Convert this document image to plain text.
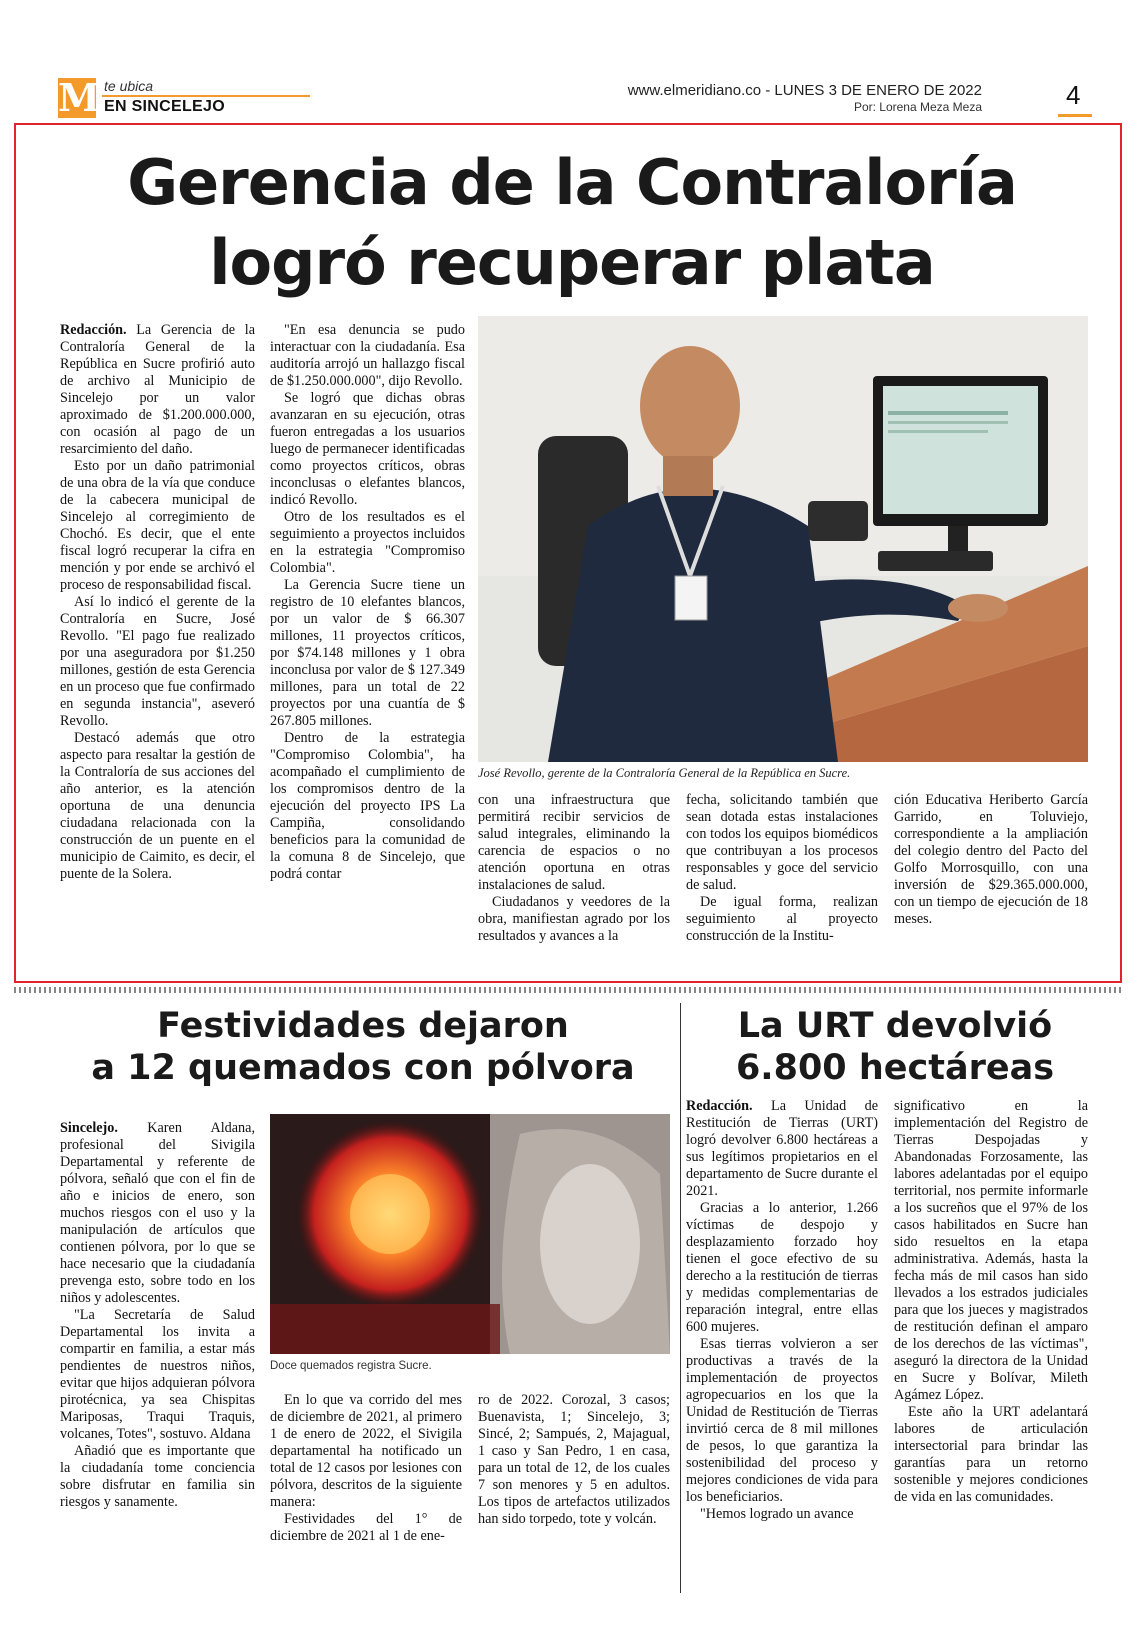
M te ubica
EN SINCELEJO
www.elmeridiano.co - LUNES 3 DE ENERO DE 2022
Por: Lorena Meza Meza	4
Gerencia de la Contraloría
logró recuperar plata

Redacción. La Gerencia de la Contraloría General de la República en Sucre profirió auto de archivo al Municipio de Sincelejo por un valor aproximado de $1.200.000.000, con ocasión al pago de un resarcimiento del daño.

Esto por un daño patrimonial de una obra de la vía que conduce de la cabecera municipal de Sincelejo al corregimiento de Chochó. Es decir, que el ente fiscal logró recuperar la cifra en mención y por ende se archivó el proceso de responsabilidad fiscal.

Así lo indicó el gerente de la Contraloría en Sucre, José Revollo. "El pago fue realizado por una aseguradora por $1.250 millones, gestión de esta Gerencia en un proceso que fue confirmado en segunda instancia", aseveró Revollo.

Destacó además que otro aspecto para resaltar la gestión de la Contraloría de sus acciones del año anterior, es la atención oportuna de una denuncia ciudadana relacionada con la construcción de un puente en el municipio de Caimito, es decir, el puente de la Solera.

"En esa denuncia se pudo interactuar con la ciudadanía. Esa auditoría arrojó un hallazgo fiscal de $1.250.000.000", dijo Revollo.

Se logró que dichas obras avanzaran en su ejecución, otras fueron entregadas a los usuarios luego de permanecer identificadas como proyectos críticos, obras inconclusas o elefantes blancos, indicó Revollo.

Otro de los resultados es el seguimiento a proyectos incluidos en la estrategia "Compromiso Colombia".

La Gerencia Sucre tiene un registro de 10 elefantes blancos, por un valor de $ 66.307 millones, 11 proyectos críticos, por $74.148 millones y 1 obra inconclusa por valor de $ 127.349 millones, para un total de 22 proyectos por una cuantía de $ 267.805 millones.

Dentro de la estrategia "Compromiso Colombia", ha acompañado el cumplimiento de los compromisos dentro de la ejecución del proyecto IPS La Campiña, consolidando beneficios para la comunidad de la comuna 8 de Sincelejo, que podrá contar

José Revollo, gerente de la Contraloría General de la República en Sucre.

con una infraestructura que permitirá recibir servicios de salud integrales, eliminando la carencia de espacios o no atención oportuna en otras instalaciones de salud.

Ciudadanos y veedores de la obra, manifiestan agrado por los resultados y avances a la

fecha, solicitando también que sean dotada estas instalaciones con todos los equipos biomédicos que contribuyan a los procesos responsables y goce del servicio de salud.

De igual forma, realizan seguimiento al proyecto construcción de la Institu-

ción Educativa Heriberto García Garrido, en Toluviejo, correspondiente a la ampliación del colegio dentro del Pacto del Golfo Morrosquillo, con una inversión de $29.365.000.000, con un tiempo de ejecución de 18 meses.

Festividades dejaron
a 12 quemados con pólvora

Sincelejo. Karen Aldana, profesional del Sivigila Departamental y referente de pólvora, señaló que con el fin de año e inicios de enero, son muchos riesgos con el uso y la manipulación de artículos que contienen pólvora, por lo que se hace necesario que la ciudadanía prevenga esto, sobre todo en los niños y adolescentes.

"La Secretaría de Salud Departamental los invita a compartir en familia, a estar más pendientes de nuestros niños, evitar que hijos adquieran pólvora pirotécnica, ya sea Chispitas Mariposas, Traqui Traquis, volcanes, Totes", sostuvo. Aldana

Añadió que es importante que la ciudadanía tome conciencia sobre disfrutar en familia sin riesgos y sanamente.

Doce quemados registra Sucre.

En lo que va corrido del mes de diciembre de 2021, al primero 1 de enero de 2022, el Sivigila departamental ha notificado un total de 12 casos por lesiones con pólvora, descritos de la siguiente manera:

Festividades del 1° de diciembre de 2021 al 1 de ene-

ro de 2022. Corozal, 3 casos; Buenavista, 1; Sincelejo, 3; Sincé, 2; Sampués, 2, Majagual, 1 caso y San Pedro, 1 en casa, para un total de 12, de los cuales 7 son menores y 5 en adultos. Los tipos de artefactos utilizados han sido torpedo, tote y volcán.

La URT devolvió
6.800 hectáreas

Redacción. La Unidad de Restitución de Tierras (URT) logró devolver 6.800 hectáreas a sus legítimos propietarios en el departamento de Sucre durante el 2021.

Gracias a lo anterior, 1.266 víctimas de despojo y desplazamiento forzado hoy tienen el goce efectivo de su derecho a la restitución de tierras y medidas complementarias de reparación integral, entre ellas 600 mujeres.

Esas tierras volvieron a ser productivas a través de la implementación de proyectos agropecuarios en los que la Unidad de Restitución de Tierras invirtió cerca de 8 mil millones de pesos, lo que garantiza la sostenibilidad del proceso y mejores condiciones de vida para los beneficiarios.

"Hemos logrado un avance

significativo en la implementación del Registro de Tierras Despojadas y Abandonadas Forzosamente, las labores adelantadas por el equipo territorial, nos permite informarle a los sucreños que el 97% de los casos habilitados en Sucre han sido resueltos en la etapa administrativa. Además, hasta la fecha más de mil casos han sido llevados a los estrados judiciales para que los jueces y magistrados de restitución definan el amparo de los derechos de las víctimas", aseguró la directora de la Unidad en Sucre y Bolívar, Mileth Agámez López.

Este año la URT adelantará labores de articulación intersectorial para brindar las garantías para un retorno sostenible y mejores condiciones de vida en las comunidades.
